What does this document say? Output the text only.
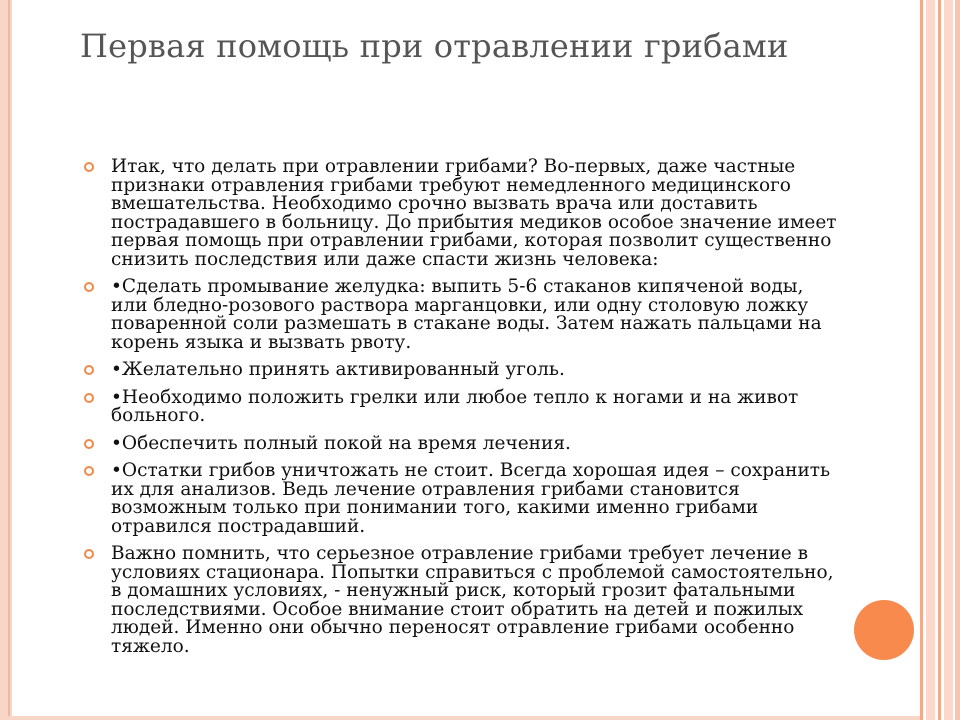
Первая помощь при отравлении грибами
Итак, что делать при отравлении грибами? Во-первых, даже частные признаки отравления грибами требуют немедленного медицинского вмешательства. Необходимо срочно вызвать врача или доставить пострадавшего в больницу. До прибытия медиков особое значение имеет первая помощь при отравлении грибами, которая позволит существенно снизить последствия или даже спасти жизнь человека:
•Сделать промывание желудка: выпить 5-6 стаканов кипяченой воды, или бледно-розового раствора марганцовки, или одну столовую ложку поваренной соли размешать в стакане воды. Затем нажать пальцами на корень языка и вызвать рвоту.
•Желательно принять активированный уголь.
•Необходимо положить грелки или любое тепло к ногами и на живот больного.
•Обеспечить полный покой на время лечения.
•Остатки грибов уничтожать не стоит. Всегда хорошая идея – сохранить их для анализов. Ведь лечение отравления грибами становится возможным только при понимании того, какими именно грибами отравился пострадавший.
Важно помнить, что серьезное отравление грибами требует лечение в условиях стационара. Попытки справиться с проблемой самостоятельно, в домашних условиях, - ненужный риск, который грозит фатальными последствиями. Особое внимание стоит обратить на детей и пожилых людей. Именно они обычно переносят отравление грибами особенно тяжело.
